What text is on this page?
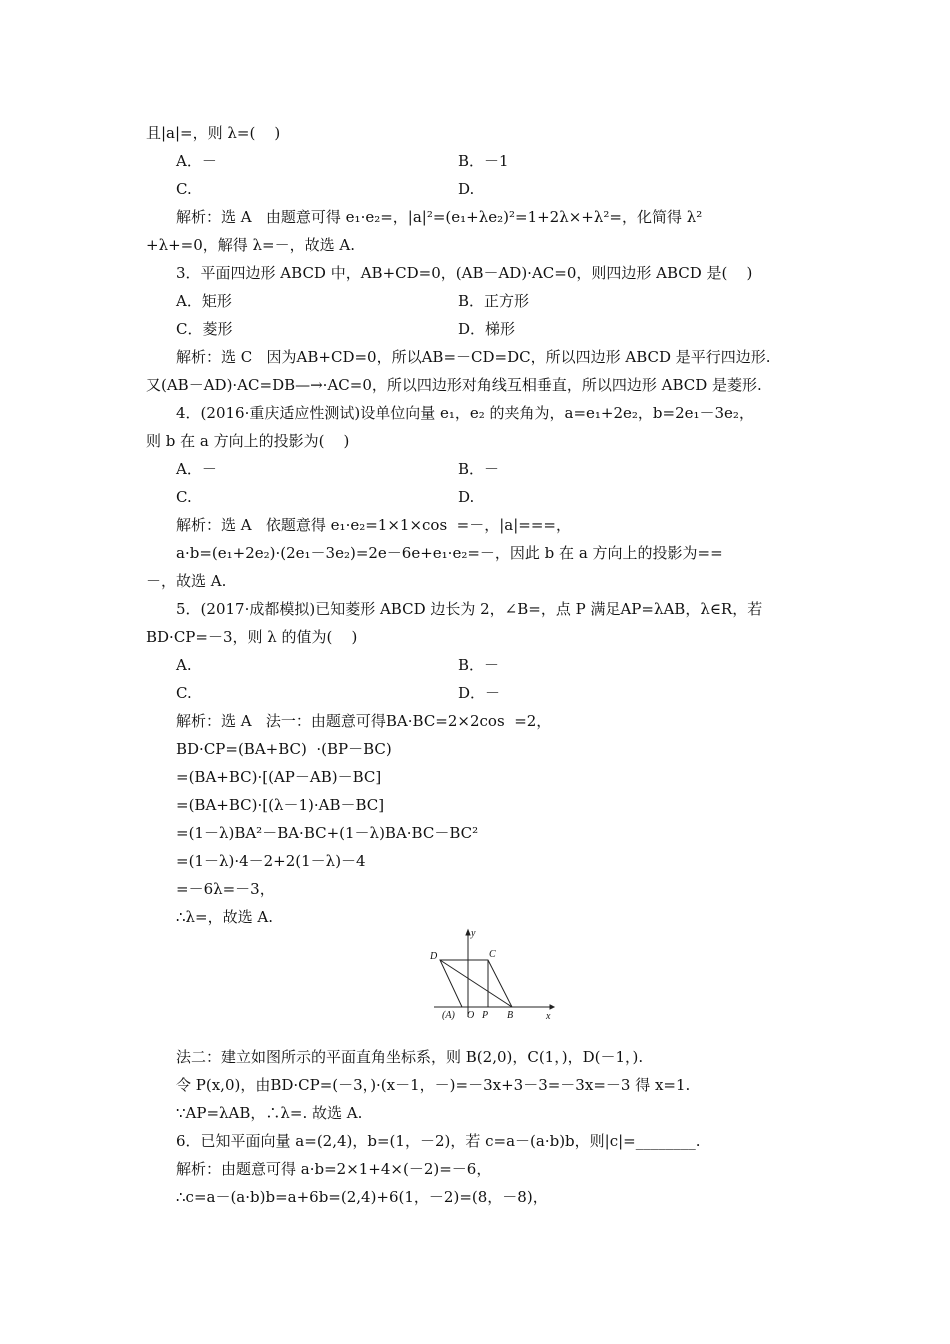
且|a|=，则 λ=(    )
A．－	B．－1
C.	D.
解析：选 A   由题意可得 e₁·e₂=，|a|²=(e₁+λe₂)²=1+2λ×+λ²=，化简得 λ²
+λ+=0，解得 λ=－，故选 A.
3．平面四边形 ABCD 中，AB+CD=0，(AB－AD)·AC=0，则四边形 ABCD 是(    )
A．矩形	B．正方形
C．菱形	D．梯形
解析：选 C   因为AB+CD=0，所以AB=－CD=DC，所以四边形 ABCD 是平行四边形.
又(AB－AD)·AC=DB—→·AC=0，所以四边形对角线互相垂直，所以四边形 ABCD 是菱形.
4．(2016·重庆适应性测试)设单位向量 e₁，e₂ 的夹角为，a=e₁+2e₂，b=2e₁－3e₂，
则 b 在 a 方向上的投影为(    )
A．－	B．－
C.	D.
解析：选 A   依题意得 e₁·e₂=1×1×cos  =－，|a|===，
a·b=(e₁+2e₂)·(2e₁－3e₂)=2e－6e+e₁·e₂=－，因此 b 在 a 方向上的投影为==
－，故选 A.
5．(2017·成都模拟)已知菱形 ABCD 边长为 2，∠B=，点 P 满足AP=λAB，λ∈R，若
BD·CP=－3，则 λ 的值为(    )
A.	B．－
C.	D．－
解析：选 A   法一：由题意可得BA·BC=2×2cos  =2，
BD·CP=(BA+BC)  ·(BP－BC)
=(BA+BC)·[(AP－AB)－BC]
=(BA+BC)·[(λ－1)·AB－BC]
=(1－λ)BA²－BA·BC+(1－λ)BA·BC－BC²
=(1－λ)·4－2+2(1－λ)－4
=－6λ=－3，
∴λ=，故选 A.
法二：建立如图所示的平面直角坐标系，则 B(2,0)，C(1，)，D(－1，).
令 P(x,0)，由BD·CP=(－3，)·(x－1，－)=－3x+3－3=－3x=－3 得 x=1.
∵AP=λAB，∴λ=. 故选 A.
6．已知平面向量 a=(2,4)，b=(1，－2)，若 c=a－(a·b)b，则|c|=________.
解析：由题意可得 a·b=2×1+4×(－2)=－6，
∴c=a－(a·b)b=a+6b=(2,4)+6(1，－2)=(8，－8)，
D	C
y
x
(A) O P B
